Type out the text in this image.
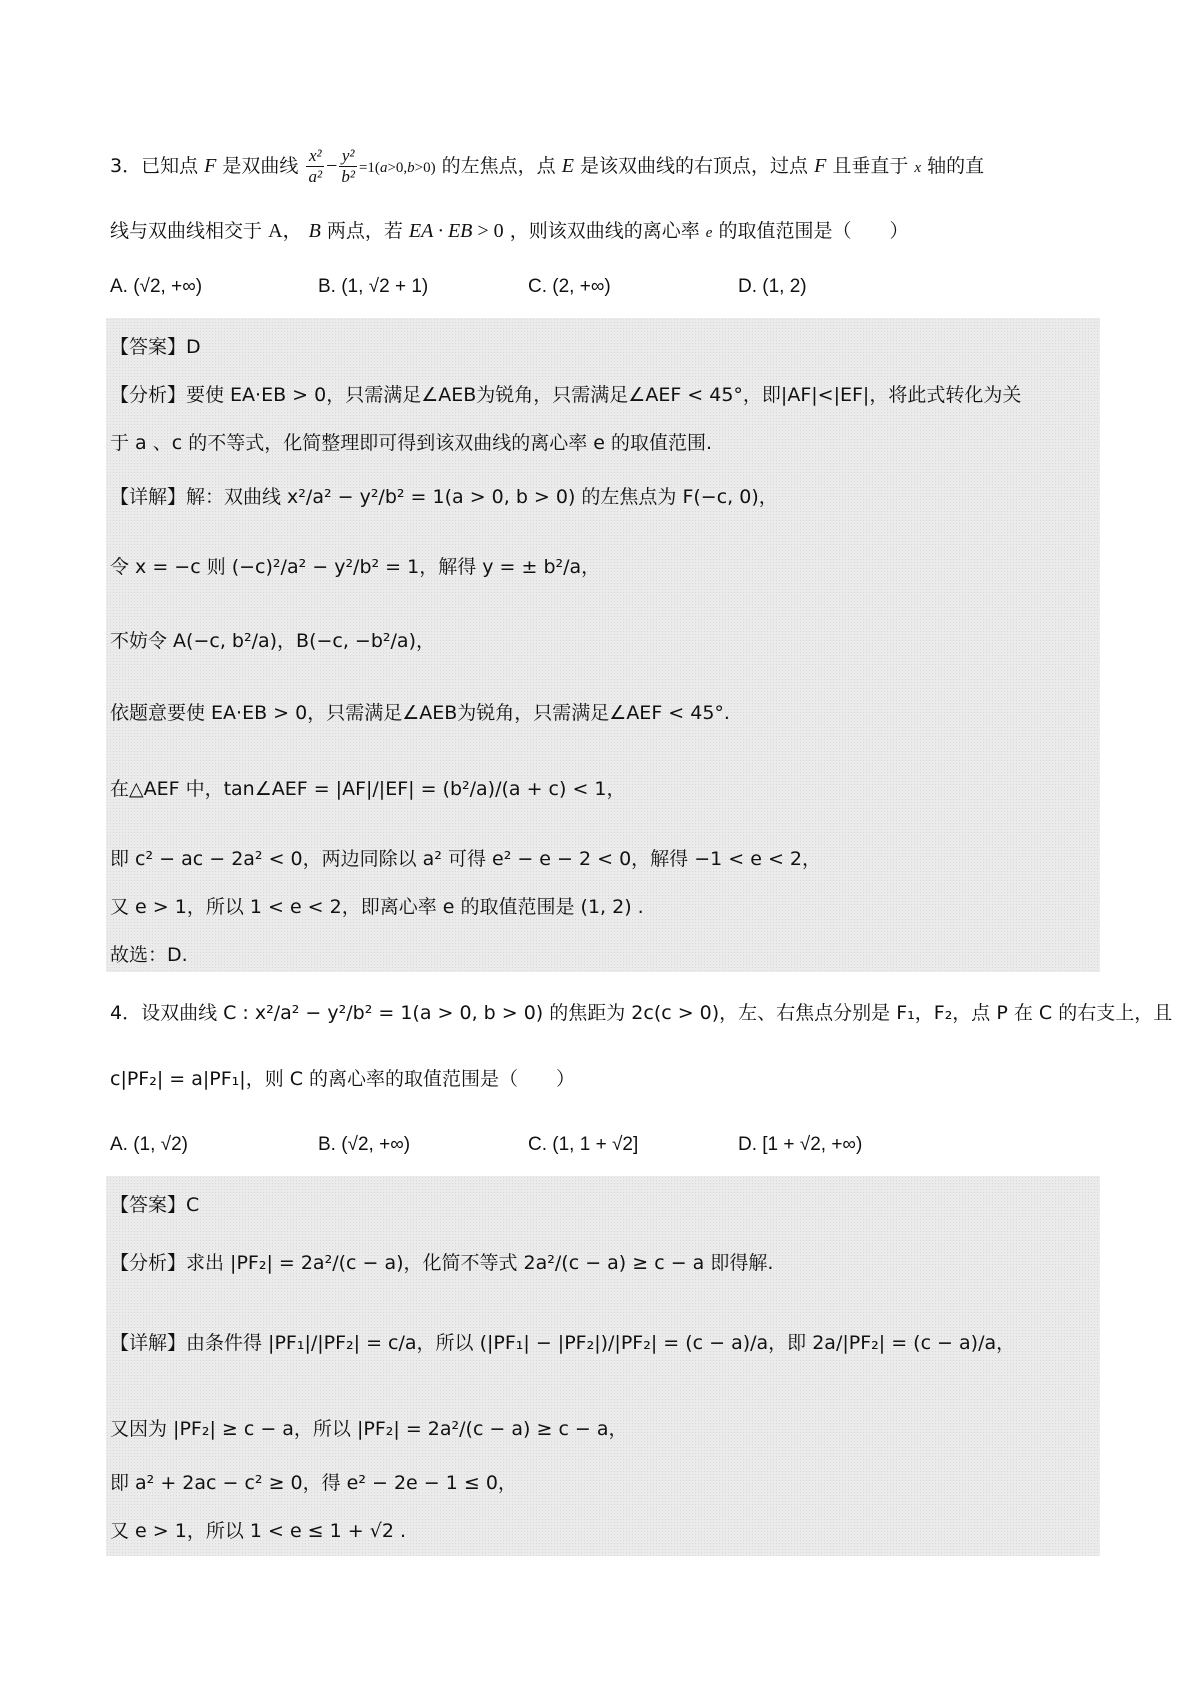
3．已知点 F 是双曲线 $\frac{\text{x²}}{\text{a²}} - \frac{\text{y²}}{\text{b²}} =1(a>0,b>0)$ 的左焦点，点 E 是该双曲线的右顶点，过点 F 且垂直于 x 轴的直
线与双曲线相交于 A， B 两点，若 EA · EB > 0 ，则该双曲线的离心率 e 的取值范围是（　　）
A. (√2, +∞)	B. (1, √2 + 1)	C. (2, +∞)	D. (1, 2)
【答案】D
【分析】要使 EA·EB > 0，只需满足∠AEB为锐角，只需满足∠AEF < 45°，即|AF|<|EF|，将此式转化为关
于 a 、c 的不等式，化简整理即可得到该双曲线的离心率 e 的取值范围.
【详解】解：双曲线 x²/a² − y²/b² = 1(a > 0, b > 0) 的左焦点为 F(−c, 0)，
令 x = −c 则 (−c)²/a² − y²/b² = 1，解得 y = ± b²/a，
不妨令 A(−c, b²/a)，B(−c, −b²/a)，
依题意要使 EA·EB > 0，只需满足∠AEB为锐角，只需满足∠AEF < 45°.
在△AEF 中，tan∠AEF = |AF|/|EF| = (b²/a)/(a + c) < 1，
即 c² − ac − 2a² < 0，两边同除以 a² 可得 e² − e − 2 < 0，解得 −1 < e < 2，
又 e > 1，所以 1 < e < 2，即离心率 e 的取值范围是 (1, 2) .
故选：D.
4．设双曲线 C : x²/a² − y²/b² = 1(a > 0, b > 0) 的焦距为 2c(c > 0)，左、右焦点分别是 F₁，F₂，点 P 在 C 的右支上，且
c|PF₂| = a|PF₁|，则 C 的离心率的取值范围是（　　）
A. (1, √2)	B. (√2, +∞)	C. (1, 1 + √2]	D. [1 + √2, +∞)
【答案】C
【分析】求出 |PF₂| = 2a²/(c − a)，化简不等式 2a²/(c − a) ≥ c − a 即得解.
【详解】由条件得 |PF₁|/|PF₂| = c/a，所以 (|PF₁| − |PF₂|)/|PF₂| = (c − a)/a，即 2a/|PF₂| = (c − a)/a，
又因为 |PF₂| ≥ c − a，所以 |PF₂| = 2a²/(c − a) ≥ c − a，
即 a² + 2ac − c² ≥ 0，得 e² − 2e − 1 ≤ 0，
又 e > 1，所以 1 < e ≤ 1 + √2 .
